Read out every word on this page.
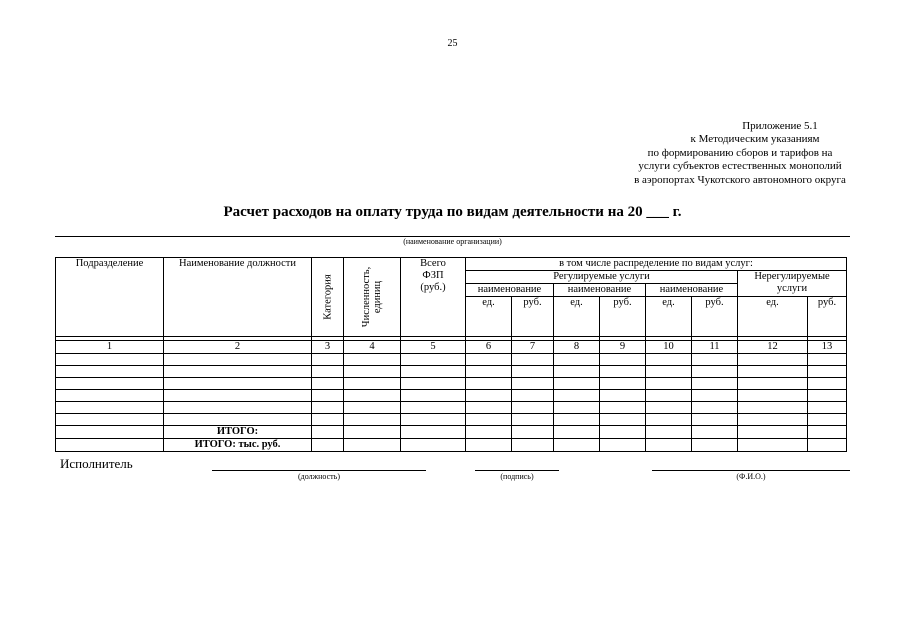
25
Приложение 5.1
к Методическим указаниям
по формированию сборов и тарифов на
услуги субъектов естественных монополий
в аэропортах Чукотского автономного округа
Расчет расходов на оплату труда по видам деятельности на 20 ___ г.
(наименование организации)
Подразделение	Наименование должности	Категория	Численность, единиц	Всего ФЗП (руб.)	в том числе распределение по видам услуг:							
					Регулируемые услуги						Нерегулируемые услуги	
					наименование		наименование		наименование			
					ед.	руб.	ед.	руб.	ед.	руб.	ед.	руб.

1	2	3	4	5	6	7	8	9	10	11	12	13

	ИТОГО:											
	ИТОГО: тыс. руб.											
Исполнитель
(должность)	(подпись)	(Ф.И.О.)
